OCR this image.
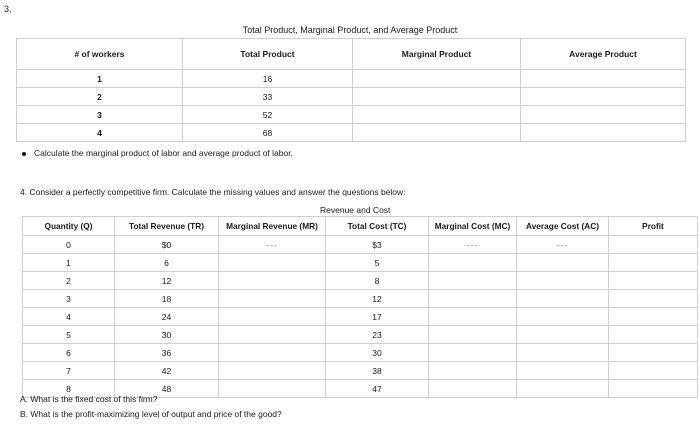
3.
Total Product, Marginal Product, and Average Product
# of workers	Total Product	Marginal Product	Average Product
1	16		
2	33		
3	52		
4	68		
Calculate the marginal product of labor and average product of labor.
4. Consider a perfectly competitive firm. Calculate the missing values and answer the questions below:
Revenue and Cost
Quantity (Q)	Total Revenue (TR)	Marginal Revenue (MR)	Total Cost (TC)	Marginal Cost (MC)	Average Cost (AC)	Profit
0	$0	---	$3	---	---	
1	6		5			
2	12		8			
3	18		12			
4	24		17			
5	30		23			
6	36		30			
7	42		38			
8	48		47			
A. What is the fixed cost of this firm?
B. What is the profit-maximizing level of output and price of the good?
